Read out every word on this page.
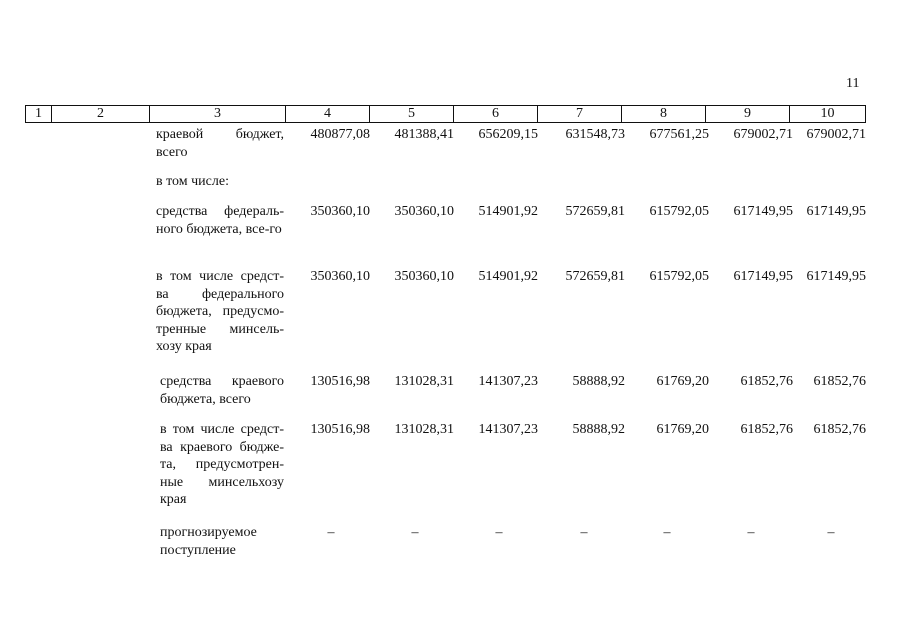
11
1	2	3	4	5	6	7	8	9	10
краевой бюджет, всего
480877,08 481388,41 656209,15 631548,73 677561,25 679002,71 679002,71
в том числе:
средства федераль-ного бюджета, все-го
350360,10 350360,10 514901,92 572659,81 615792,05 617149,95 617149,95
в том числе средст-ва федерального бюджета, предусмо-тренные минсель-хозу края
350360,10 350360,10 514901,92 572659,81 615792,05 617149,95 617149,95
средства краевого бюджета, всего
130516,98 131028,31 141307,23 58888,92 61769,20 61852,76 61852,76
в том числе средст-ва краевого бюдже-та, предусмотрен-ные минсельхозу края
130516,98 131028,31 141307,23 58888,92 61769,20 61852,76 61852,76
прогнозируемое поступление
–	–	–	–	–	–	–
